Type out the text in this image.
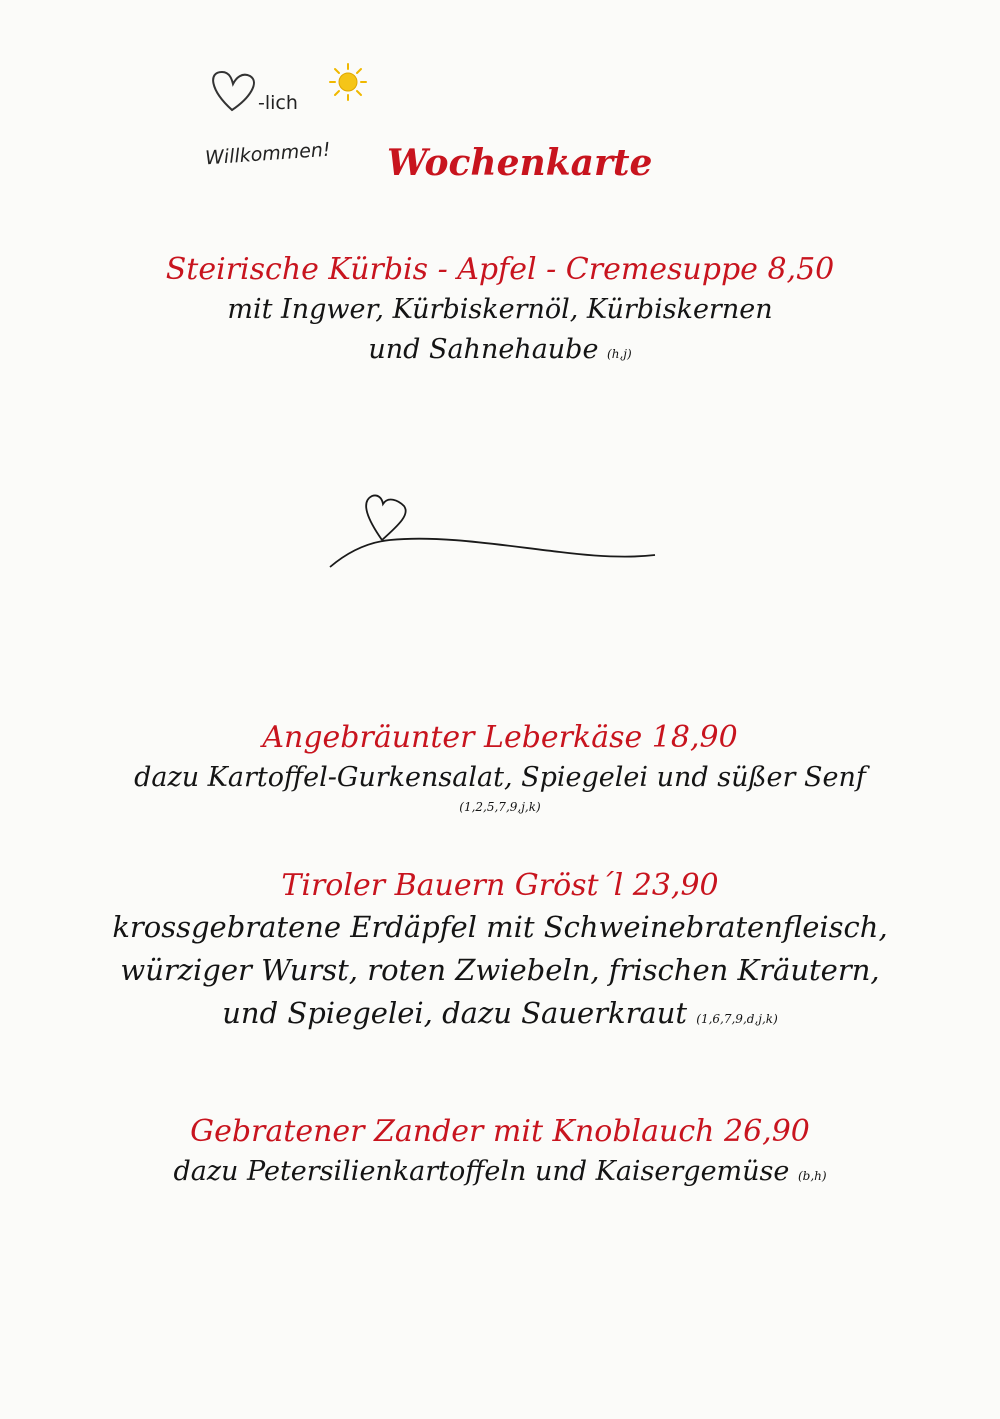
-lich
Willkommen! Wochenkarte
Steirische Kürbis - Apfel - Cremesuppe 8,50
mit Ingwer, Kürbiskernöl, Kürbiskernen
und Sahnehaube (h,j)
Angebräunter Leberkäse 18,90
dazu Kartoffel-Gurkensalat, Spiegelei und süßer Senf
(1,2,5,7,9,j,k)
Tiroler Bauern Gröst´l 23,90
krossgebratene Erdäpfel mit Schweinebratenfleisch,
würziger Wurst, roten Zwiebeln, frischen Kräutern,
und Spiegelei, dazu Sauerkraut (1,6,7,9,d,j,k)
Gebratener Zander mit Knoblauch 26,90
dazu Petersilienkartoffeln und Kaisergemüse (b,h)
